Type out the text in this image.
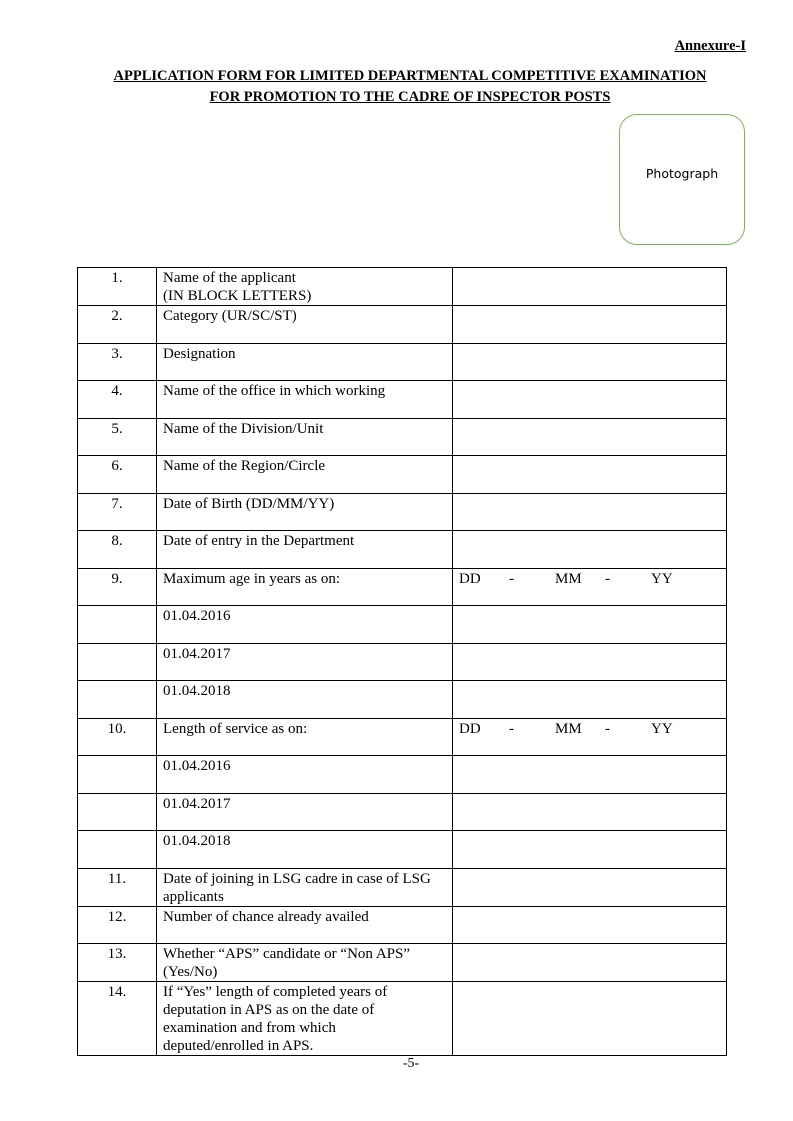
Annexure-I
APPLICATION FORM FOR LIMITED DEPARTMENTAL COMPETITIVE EXAMINATION
FOR PROMOTION TO THE CADRE OF INSPECTOR POSTS
Photograph
1.	Name of the applicant
(IN BLOCK LETTERS)	

2.	Category (UR/SC/ST)	
3.	Designation	
4.	Name of the office in which working	
5.	Name of the Division/Unit	
6.	Name of the Region/Circle	
7.	Date of Birth (DD/MM/YY)	
8.	Date of entry in the Department	
9.	Maximum age in years as on:	DD - MM - YY

	01.04.2016	
	01.04.2017	
	01.04.2018	
10.	Length of service as on:	DD - MM - YY

	01.04.2016	
	01.04.2017	
	01.04.2018	
11.	Date of joining in LSG cadre in case of LSG
applicants	

12.	Number of chance already availed	
13.	Whether “APS” candidate or “Non APS”
(Yes/No)	

14.	If “Yes” length of completed years of
deputation in APS as on the date of
examination and from which
deputed/enrolled in APS.	

-5-
